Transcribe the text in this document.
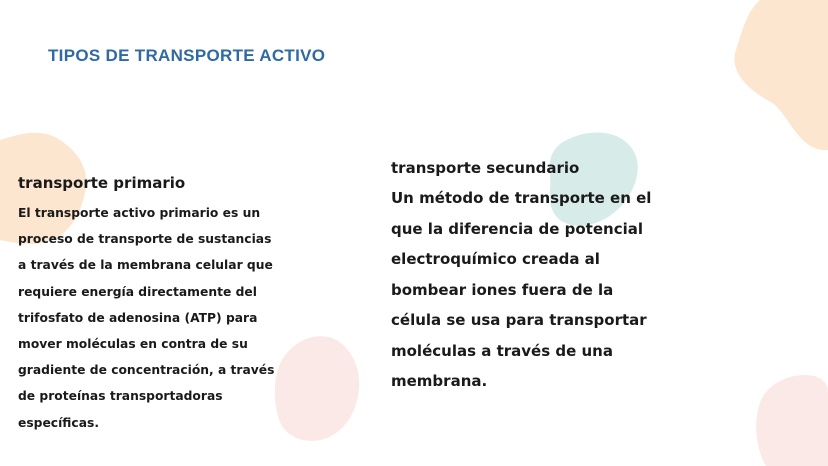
TIPOS DE TRANSPORTE ACTIVO

transporte primario

El transporte activo primario es un
proceso de transporte de sustancias
a través de la membrana celular que
requiere energía directamente del
trifosfato de adenosina (ATP) para
mover moléculas en contra de su
gradiente de concentración, a través
de proteínas transportadoras
específicas.

transporte secundario

Un método de transporte en el
que la diferencia de potencial
electroquímico creada al
bombear iones fuera de la
célula se usa para transportar
moléculas a través de una
membrana.
